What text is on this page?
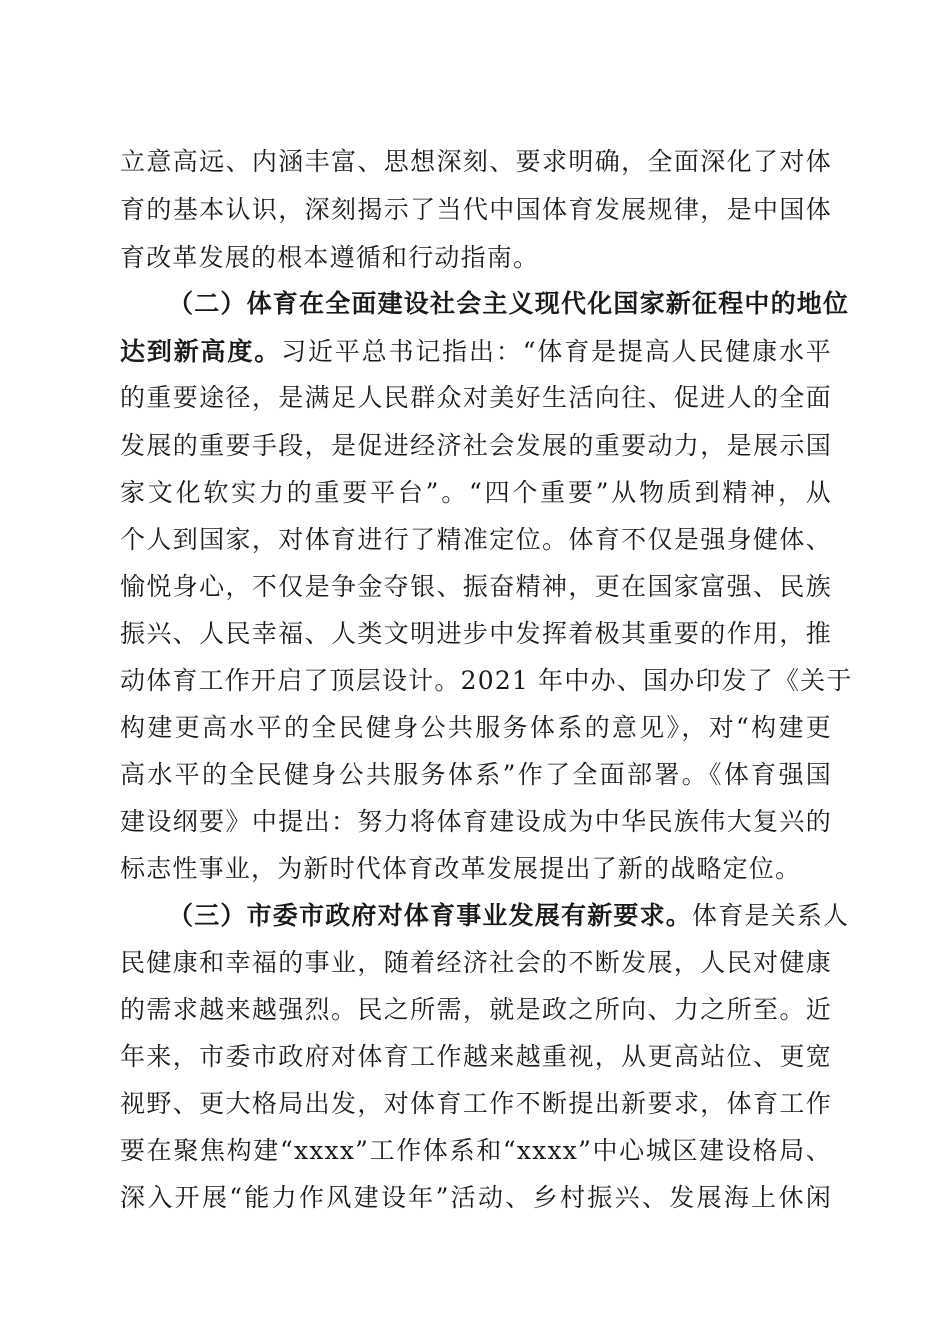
立意高远、内涵丰富、思想深刻、要求明确，全面深化了对体
育的基本认识，深刻揭示了当代中国体育发展规律，是中国体
育改革发展的根本遵循和行动指南。
（二）体育在全面建设社会主义现代化国家新征程中的地位
达到新高度。习近平总书记指出：“体育是提高人民健康水平
的重要途径，是满足人民群众对美好生活向往、促进人的全面
发展的重要手段，是促进经济社会发展的重要动力，是展示国
家文化软实力的重要平台”。“四个重要”从物质到精神，从
个人到国家，对体育进行了精准定位。体育不仅是强身健体、
愉悦身心，不仅是争金夺银、振奋精神，更在国家富强、民族
振兴、人民幸福、人类文明进步中发挥着极其重要的作用，推
动体育工作开启了顶层设计。2021 年中办、国办印发了《关于
构建更高水平的全民健身公共服务体系的意见》，对“构建更
高水平的全民健身公共服务体系”作了全面部署。《体育强国
建设纲要》中提出：努力将体育建设成为中华民族伟大复兴的
标志性事业，为新时代体育改革发展提出了新的战略定位。
（三）市委市政府对体育事业发展有新要求。体育是关系人
民健康和幸福的事业，随着经济社会的不断发展，人民对健康
的需求越来越强烈。民之所需，就是政之所向、力之所至。近
年来，市委市政府对体育工作越来越重视，从更高站位、更宽
视野、更大格局出发，对体育工作不断提出新要求，体育工作
要在聚焦构建“xxxx”工作体系和“xxxx”中心城区建设格局、
深入开展“能力作风建设年”活动、乡村振兴、发展海上休闲
